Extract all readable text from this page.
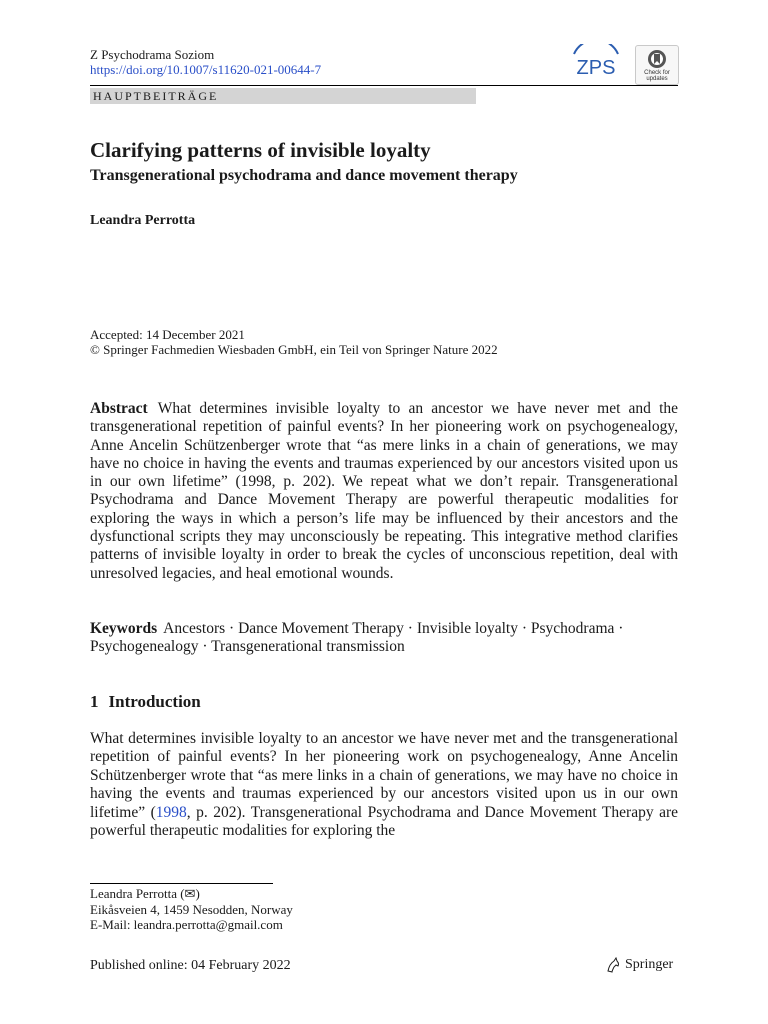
Z Psychodrama Soziom
https://doi.org/10.1007/s11620-021-00644-7	ZPS	Check for updates
HAUPTBEITRÄGE
Clarifying patterns of invisible loyalty
Transgenerational psychodrama and dance movement therapy
Leandra Perrotta
Accepted: 14 December 2021
© Springer Fachmedien Wiesbaden GmbH, ein Teil von Springer Nature 2022

Abstract What determines invisible loyalty to an ancestor we have never met and the transgenerational repetition of painful events? In her pioneering work on psychogenealogy, Anne Ancelin Schützenberger wrote that “as mere links in a chain of generations, we may have no choice in having the events and traumas experienced by our ancestors visited upon us in our own lifetime” (1998, p. 202). We repeat what we don’t repair. Transgenerational Psychodrama and Dance Movement Therapy are powerful therapeutic modalities for exploring the ways in which a person’s life may be influenced by their ancestors and the dysfunctional scripts they may unconsciously be repeating. This integrative method clarifies patterns of invisible loyalty in order to break the cycles of unconscious repetition, deal with unresolved legacies, and heal emotional wounds.

Keywords Ancestors · Dance Movement Therapy · Invisible loyalty · Psychodrama · Psychogenealogy · Transgenerational transmission
1 Introduction

What determines invisible loyalty to an ancestor we have never met and the transgenerational repetition of painful events? In her pioneering work on psychogenealogy, Anne Ancelin Schützenberger wrote that “as mere links in a chain of generations, we may have no choice in having the events and traumas experienced by our ancestors visited upon us in our own lifetime” (1998, p. 202). Transgenerational Psychodrama and Dance Movement Therapy are powerful therapeutic modalities for exploring the

Leandra Perrotta (✉)
Eikåsveien 4, 1459 Nesodden, Norway
E-Mail: leandra.perrotta@gmail.com
Published online: 04 February 2022	Springer
